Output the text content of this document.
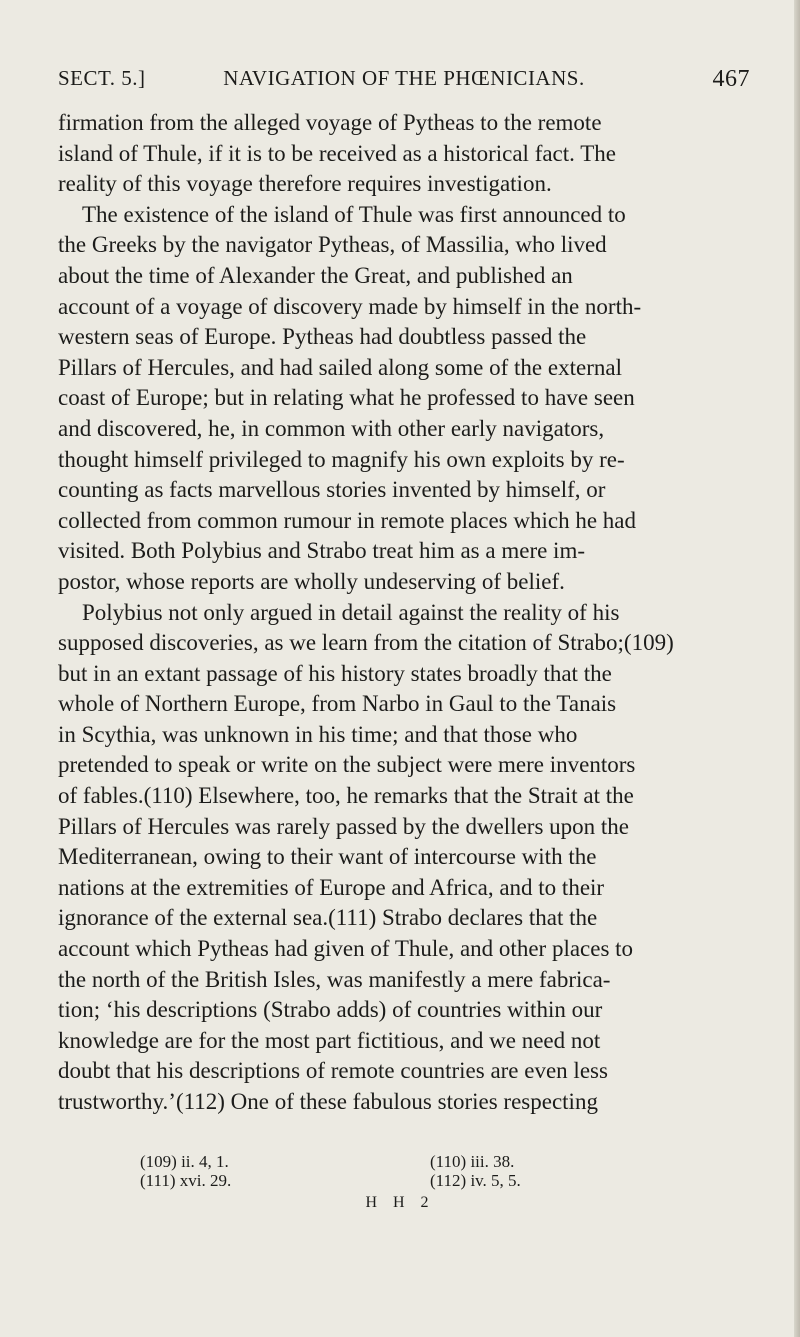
SECT. 5.]	NAVIGATION OF THE PHŒNICIANS.	467
firmation from the alleged voyage of Pytheas to the remote
island of Thule, if it is to be received as a historical fact. The
reality of this voyage therefore requires investigation.
The existence of the island of Thule was first announced to
the Greeks by the navigator Pytheas, of Massilia, who lived
about the time of Alexander the Great, and published an
account of a voyage of discovery made by himself in the north-
western seas of Europe. Pytheas had doubtless passed the
Pillars of Hercules, and had sailed along some of the external
coast of Europe; but in relating what he professed to have seen
and discovered, he, in common with other early navigators,
thought himself privileged to magnify his own exploits by re-
counting as facts marvellous stories invented by himself, or
collected from common rumour in remote places which he had
visited. Both Polybius and Strabo treat him as a mere im-
postor, whose reports are wholly undeserving of belief.
Polybius not only argued in detail against the reality of his
supposed discoveries, as we learn from the citation of Strabo;(109)
but in an extant passage of his history states broadly that the
whole of Northern Europe, from Narbo in Gaul to the Tanais
in Scythia, was unknown in his time; and that those who
pretended to speak or write on the subject were mere inventors
of fables.(110) Elsewhere, too, he remarks that the Strait at the
Pillars of Hercules was rarely passed by the dwellers upon the
Mediterranean, owing to their want of intercourse with the
nations at the extremities of Europe and Africa, and to their
ignorance of the external sea.(111) Strabo declares that the
account which Pytheas had given of Thule, and other places to
the north of the British Isles, was manifestly a mere fabrica-
tion; ‘his descriptions (Strabo adds) of countries within our
knowledge are for the most part fictitious, and we need not
doubt that his descriptions of remote countries are even less
trustworthy.’(112) One of these fabulous stories respecting
(109) ii. 4, 1.	(110) iii. 38.
(111) xvi. 29.	(112) iv. 5, 5.
H H 2
